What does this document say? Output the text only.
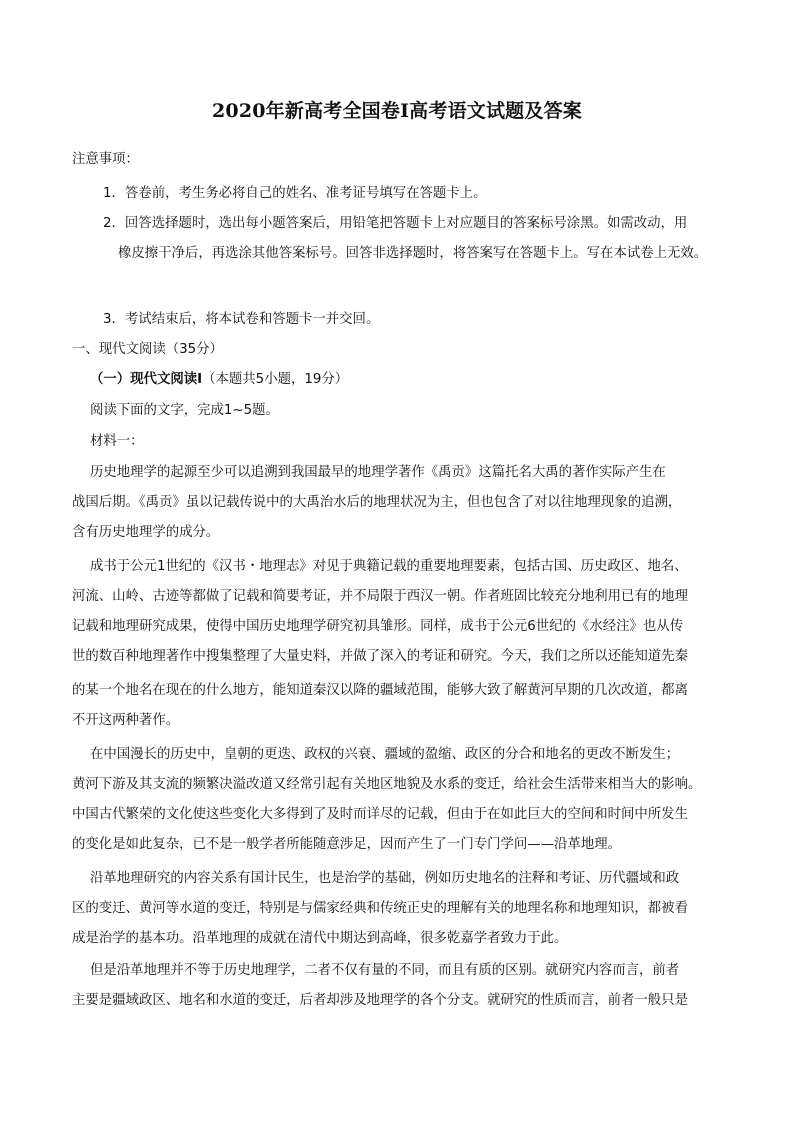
2020年新高考全国卷Ⅰ高考语文试题及答案
注意事项：
1．答卷前，考生务必将自己的姓名、准考证号填写在答题卡上。
2．回答选择题时，选出每小题答案后，用铅笔把答题卡上对应题目的答案标号涂黑。如需改动，用
橡皮擦干净后，再选涂其他答案标号。回答非选择题时，将答案写在答题卡上。写在本试卷上无效。
3．考试结束后，将本试卷和答题卡一并交回。
一、现代文阅读（35分）
（一）现代文阅读Ⅰ（本题共5小题，19分）
阅读下面的文字，完成1~5题。
材料一：
历史地理学的起源至少可以追溯到我国最早的地理学著作《禹贡》这篇托名大禹的著作实际产生在
战国后期。《禹贡》虽以记载传说中的大禹治水后的地理状况为主，但也包含了对以往地理现象的追溯，
含有历史地理学的成分。
成书于公元1世纪的《汉书・地理志》对见于典籍记载的重要地理要素，包括古国、历史政区、地名、
河流、山岭、古迹等都做了记载和简要考证，并不局限于西汉一朝。作者班固比较充分地利用已有的地理
记载和地理研究成果，使得中国历史地理学研究初具雏形。同样，成书于公元6世纪的《水经注》也从传
世的数百种地理著作中搜集整理了大量史料，并做了深入的考证和研究。今天，我们之所以还能知道先秦
的某一个地名在现在的什么地方，能知道秦汉以降的疆域范围，能够大致了解黄河早期的几次改道，都离
不开这两种著作。
在中国漫长的历史中，皇朝的更迭、政权的兴衰、疆域的盈缩、政区的分合和地名的更改不断发生；
黄河下游及其支流的频繁决溢改道又经常引起有关地区地貌及水系的变迁，给社会生活带来相当大的影响。
中国古代繁荣的文化使这些变化大多得到了及时而详尽的记载，但由于在如此巨大的空间和时间中所发生
的变化是如此复杂，已不是一般学者所能随意涉足，因而产生了一门专门学问——沿革地理。
沿革地理研究的内容关系有国计民生，也是治学的基础，例如历史地名的注释和考证、历代疆域和政
区的变迁、黄河等水道的变迁，特别是与儒家经典和传统正史的理解有关的地理名称和地理知识，都被看
成是治学的基本功。沿革地理的成就在清代中期达到高峰，很多乾嘉学者致力于此。
但是沿革地理并不等于历史地理学，二者不仅有量的不同，而且有质的区别。就研究内容而言，前者
主要是疆域政区、地名和水道的变迁，后者却涉及地理学的各个分支。就研究的性质而言，前者一般只是
